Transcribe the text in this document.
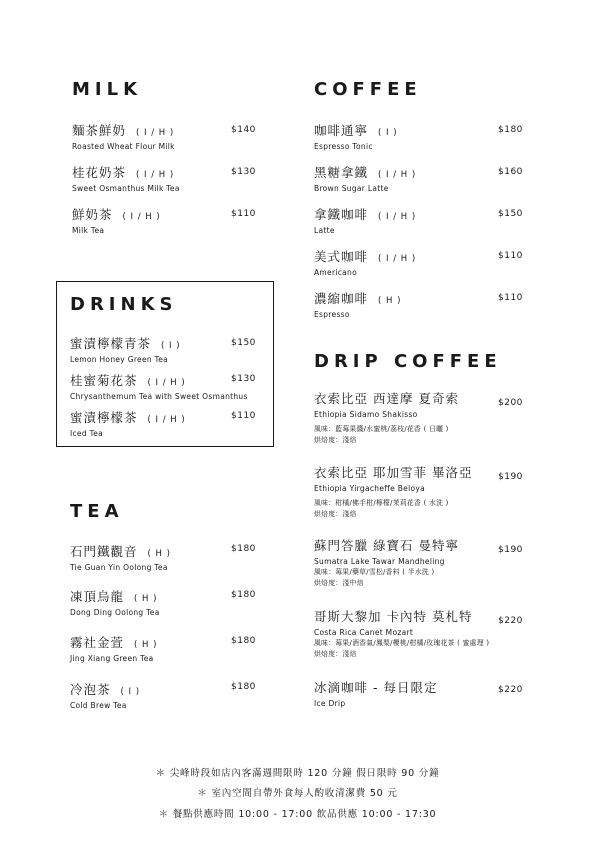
MILK
麵茶鮮奶 ( I / H )
Roasted Wheat Flour Milk
$140
桂花奶茶 ( I / H )
Sweet Osmanthus Milk Tea
$130
鮮奶茶 ( I / H )
Milk Tea
$110
DRINKS
蜜漬檸檬青茶 ( I )
Lemon Honey Green Tea
$150
桂蜜菊花茶 ( I / H )
Chrysanthemum Tea with Sweet Osmanthus
$130
蜜漬檸檬茶 ( I / H )
Iced Tea
$110
TEA
石門鐵觀音 ( H )
Tie Guan Yin Oolong Tea
$180
凍頂烏龍 ( H )
Dong Ding Oolong Tea
$180
霧社金萱 ( H )
Jing Xiang Green Tea
$180
冷泡茶 ( I )
Cold Brew Tea
$180
COFFEE
咖啡通寧 ( I )
Espresso Tonic
$180
黑糖拿鐵 ( I / H )
Brown Sugar Latte
$160
拿鐵咖啡 ( I / H )
Latte
$150
美式咖啡 ( I / H )
Americano
$110
濃縮咖啡 ( H )
Espresso
$110
DRIP COFFEE
衣索比亞 西達摩 夏奇索
Ethiopia Sidamo Shakisso
風味：藍莓果醬/水蜜桃/荔枝/花香 ( 日曬 )
烘焙度：淺焙
$200
衣索比亞 耶加雪菲 畢洛亞
Ethiopia Yirgacheffe Beloya
風味：柑橘/佛手柑/檸檬/茉莉花香 ( 水洗 )
烘焙度：淺焙
$190
蘇門答臘 綠寶石 曼特寧
Sumatra Lake Tawar Mandheling
風味：莓果/藥草/雪松/香料 ( 半水洗 )
烘焙度：淺中焙
$190
哥斯大黎加 卡內特 莫札特
Costa Rica Canet Mozart
風味：莓果/酒香氣/鳳梨/櫻桃/柑橘/玫瑰花茶 ( 蜜處理 )
烘焙度：淺焙
$220
冰滴咖啡 - 每日限定
Ice Drip
$220
＊ 尖峰時段如店內客滿週間限時 120 分鐘 假日限時 90 分鐘
＊ 室內空間自帶外食每人酌收清潔費 50 元
＊ 餐點供應時間 10:00 - 17:00 飲品供應 10:00 - 17:30
